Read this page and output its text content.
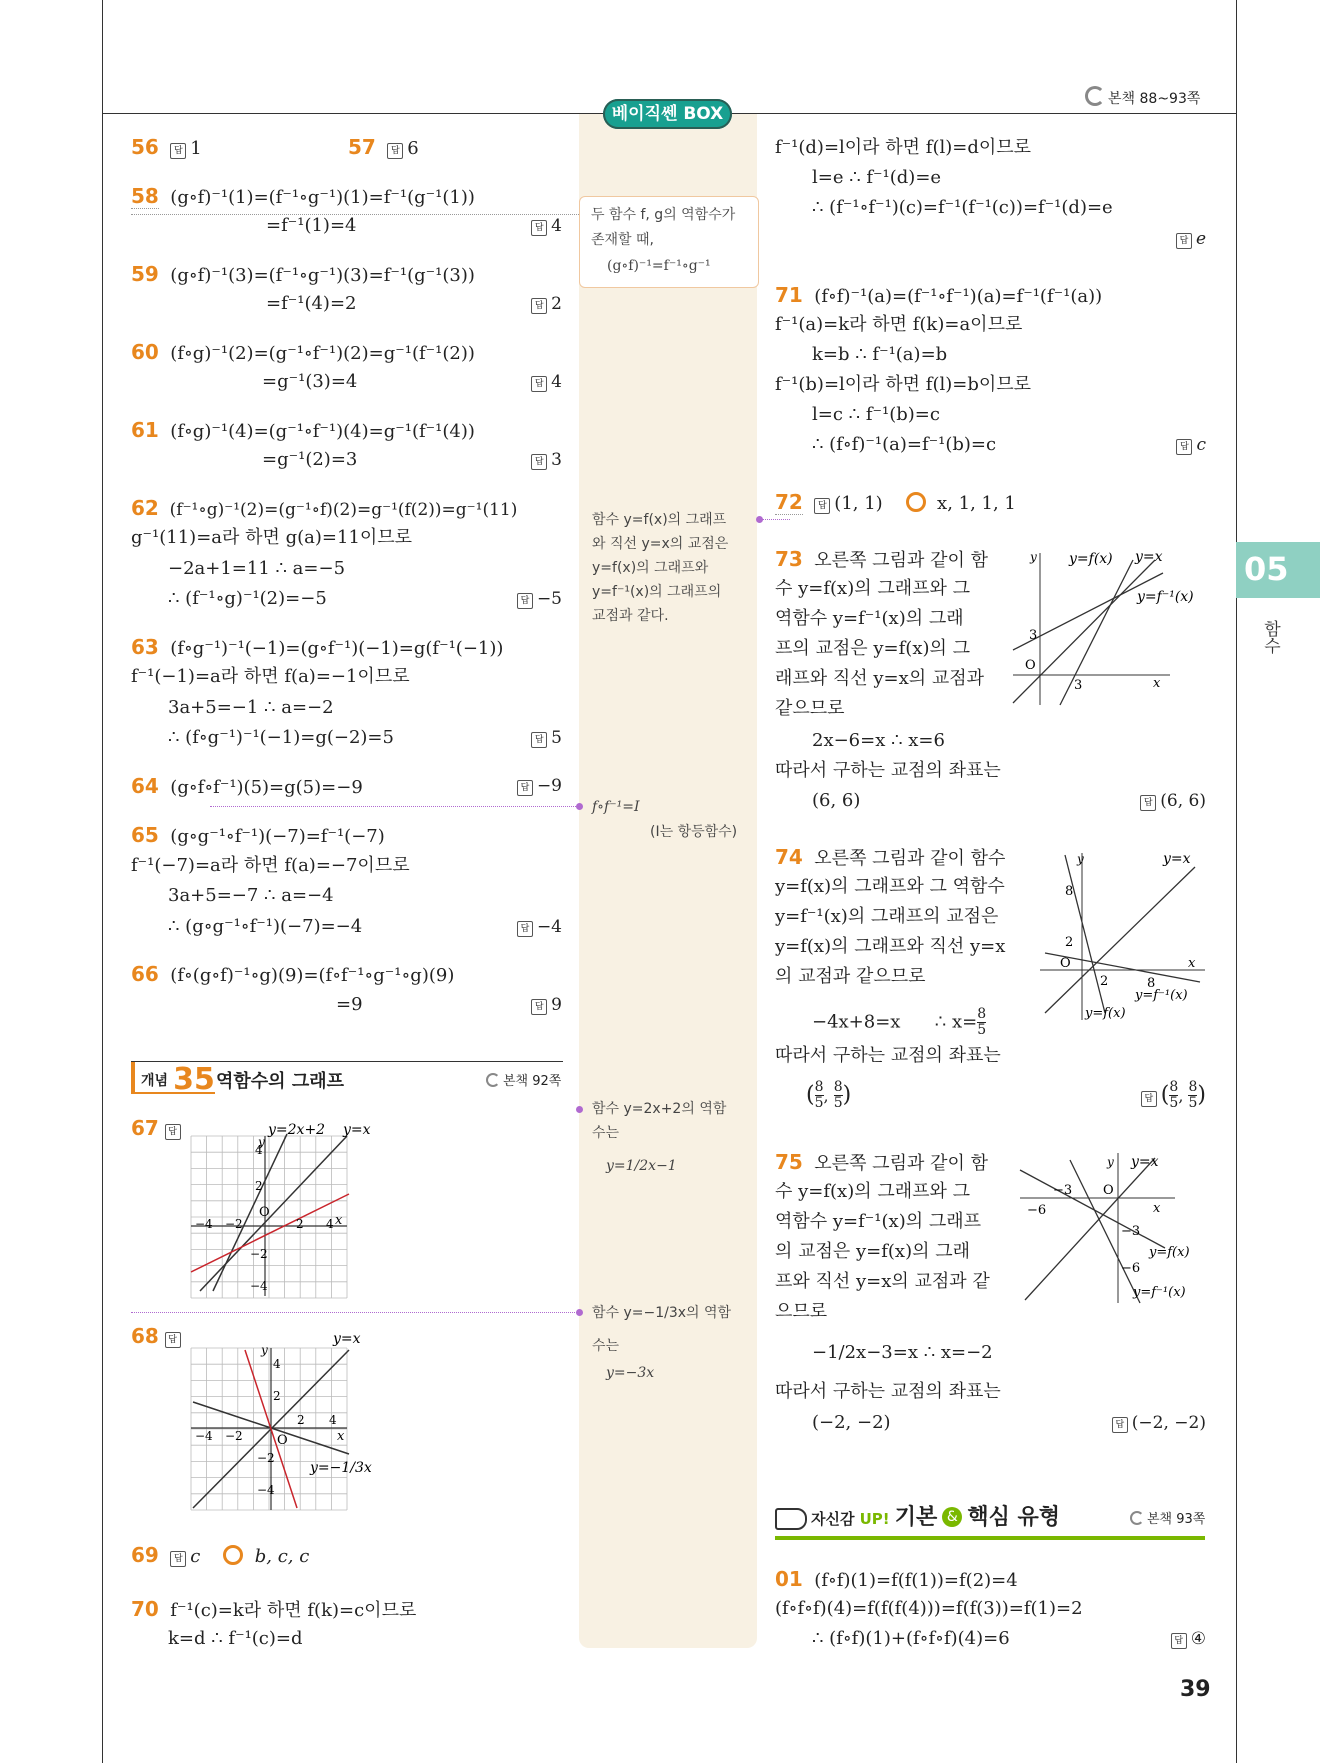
본책 88~93쪽
베이직쎈 BOX
05
함수
39
56 답 1	57 답 6
58 (g∘f)⁻¹(1)=(f⁻¹∘g⁻¹)(1)=f⁻¹(g⁻¹(1))
=f⁻¹(1)=4	답 4
59 (g∘f)⁻¹(3)=(f⁻¹∘g⁻¹)(3)=f⁻¹(g⁻¹(3))
=f⁻¹(4)=2	답 2
60 (f∘g)⁻¹(2)=(g⁻¹∘f⁻¹)(2)=g⁻¹(f⁻¹(2))
=g⁻¹(3)=4	답 4
61 (f∘g)⁻¹(4)=(g⁻¹∘f⁻¹)(4)=g⁻¹(f⁻¹(4))
=g⁻¹(2)=3	답 3
62 (f⁻¹∘g)⁻¹(2)=(g⁻¹∘f)(2)=g⁻¹(f(2))=g⁻¹(11)
g⁻¹(11)=a라 하면 g(a)=11이므로
−2a+1=11 ∴ a=−5
∴ (f⁻¹∘g)⁻¹(2)=−5	답 −5
63 (f∘g⁻¹)⁻¹(−1)=(g∘f⁻¹)(−1)=g(f⁻¹(−1))
f⁻¹(−1)=a라 하면 f(a)=−1이므로
3a+5=−1 ∴ a=−2
∴ (f∘g⁻¹)⁻¹(−1)=g(−2)=5	답 5
64 (g∘f∘f⁻¹)(5)=g(5)=−9	답 −9
65 (g∘g⁻¹∘f⁻¹)(−7)=f⁻¹(−7)
f⁻¹(−7)=a라 하면 f(a)=−7이므로
3a+5=−7 ∴ a=−4
∴ (g∘g⁻¹∘f⁻¹)(−7)=−4	답 −4
66 (f∘(g∘f)⁻¹∘g)(9)=(f∘f⁻¹∘g⁻¹∘g)(9)
=9	답 9
개념 35 역함수의 그래프	본책 92쪽
67 답	y=2x+2 y=x
y
x
O
4
2
−2
−4
−4 −2	2 4
68 답	y=x
y=−1/3x
y
x
O
4
2
−2
−4
−4 −2
2 4
69 답 c	b, c, c
70 f⁻¹(c)=k라 하면 f(k)=c이므로
k=d ∴ f⁻¹(c)=d
두 함수 f, g의 역함수가
존재할 때,
(g∘f)⁻¹=f⁻¹∘g⁻¹
함수 y=f(x)의 그래프
와 직선 y=x의 교점은
y=f(x)의 그래프와
y=f⁻¹(x)의 그래프의
교점과 같다.
f∘f⁻¹=I
(I는 항등함수)
함수 y=2x+2의 역함
수는
y=1/2x−1
함수 y=−1/3x의 역함
수는
y=−3x
f⁻¹(d)=l이라 하면 f(l)=d이므로
l=e ∴ f⁻¹(d)=e
∴ (f⁻¹∘f⁻¹)(c)=f⁻¹(f⁻¹(c))=f⁻¹(d)=e
답 e
71 (f∘f)⁻¹(a)=(f⁻¹∘f⁻¹)(a)=f⁻¹(f⁻¹(a))
f⁻¹(a)=k라 하면 f(k)=a이므로
k=b ∴ f⁻¹(a)=b
f⁻¹(b)=l이라 하면 f(l)=b이므로
l=c ∴ f⁻¹(b)=c
∴ (f∘f)⁻¹(a)=f⁻¹(b)=c	답 c
72 답 (1, 1)	x, 1, 1, 1
73 오른쪽 그림과 같이 함
수 y=f(x)의 그래프와 그
역함수 y=f⁻¹(x)의 그래
프의 교점은 y=f(x)의 그
래프와 직선 y=x의 교점과
같으므로
2x−6=x ∴ x=6
따라서 구하는 교점의 좌표는
(6, 6)	답 (6, 6)
y=f(x) y=x
y=f⁻¹(x)
y
x
O
3
3
74 오른쪽 그림과 같이 함수
y=f(x)의 그래프와 그 역함수
y=f⁻¹(x)의 그래프의 교점은
y=f(x)의 그래프와 직선 y=x
의 교점과 같으므로
−4x+8=x ∴ $x= \frac{8}{5}$
따라서 구하는 교점의 좌표는
( $\frac{8}{5}$ , $\frac{8}{5}$ )	답 ( $\frac{8}{5}$ , $\frac{8}{5}$ )
y	y=x
8
2
O	x
2	8
y=f⁻¹(x)
y=f(x)
75 오른쪽 그림과 같이 함
수 y=f(x)의 그래프와 그
역함수 y=f⁻¹(x)의 그래프
의 교점은 y=f(x)의 그래
프와 직선 y=x의 교점과 같
으므로
−1/2x−3=x ∴ x=−2
따라서 구하는 교점의 좌표는
(−2, −2)	답 (−2, −2)
y y=x
−3 O
−6	x
−3
−6
y=f(x)
y=f⁻¹(x)
자신감 UP! 기본 & 핵심 유형	본책 93쪽
01 (f∘f)(1)=f(f(1))=f(2)=4
(f∘f∘f)(4)=f(f(f(4)))=f(f(3))=f(1)=2
∴ (f∘f)(1)+(f∘f∘f)(4)=6	답 ④
